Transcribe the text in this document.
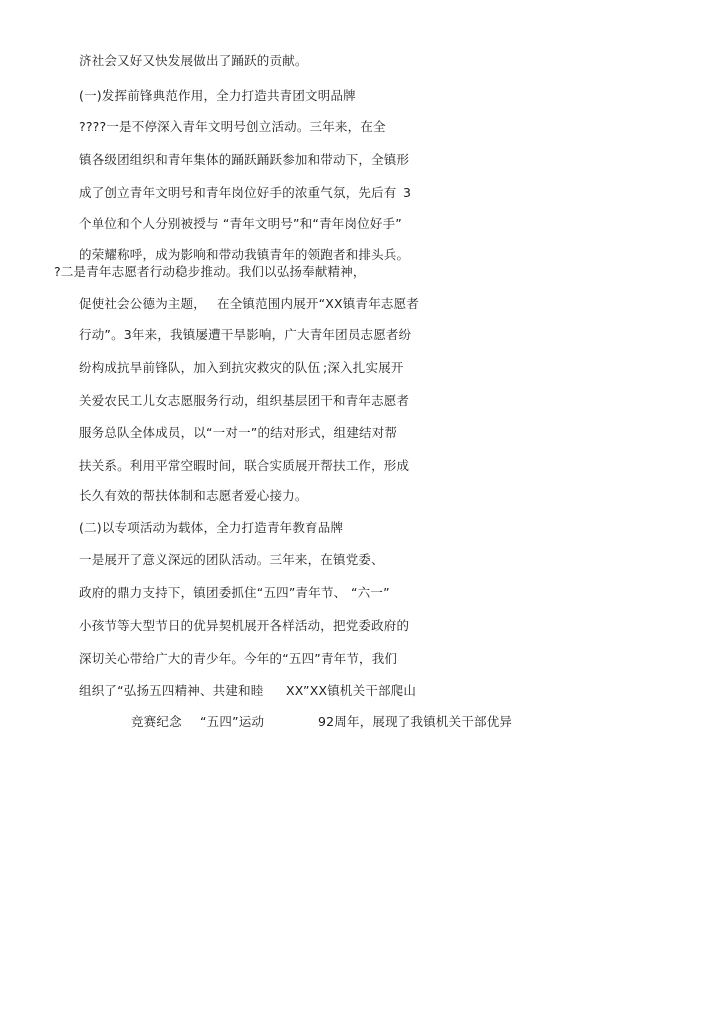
济社会又好又快发展做出了踊跃的贡献。
(一)发挥前锋典范作用，全力打造共青团文明品牌
????一是不停深入青年文明号创立活动。三年来，在全
镇各级团组织和青年集体的踊跃踊跃参加和带动下，全镇形
成了创立青年文明号和青年岗位好手的浓重气氛，先后有 3
个单位和个人分别被授与 “青年文明号”和“青年岗位好手”
的荣耀称呼，成为影响和带动我镇青年的领跑者和排头兵。
?二是青年志愿者行动稳步推动。我们以弘扬奉献精神，
促使社会公德为主题， 在全镇范围内展开“XX镇青年志愿者
行动”。3年来，我镇屡遭干旱影响，广大青年团员志愿者纷
纷构成抗旱前锋队，加入到抗灾救灾的队伍 ;深入扎实展开
关爱农民工儿女志愿服务行动，组织基层团干和青年志愿者
服务总队全体成员，以“一对一”的结对形式，组建结对帮
扶关系。利用平常空暇时间，联合实质展开帮扶工作，形成
长久有效的帮扶体制和志愿者爱心接力。
(二)以专项活动为载体，全力打造青年教育品牌
一是展开了意义深远的团队活动。三年来，在镇党委、
政府的鼎力支持下，镇团委抓住“五四”青年节、 “六一”
小孩节等大型节日的优异契机展开各样活动，把党委政府的
深切关心带给广大的青少年。今年的“五四”青年节，我们
组织了“弘扬五四精神、共建和睦 XX”XX镇机关干部爬山
竞赛纪念 “五四”运动	92周年，展现了我镇机关干部优异
